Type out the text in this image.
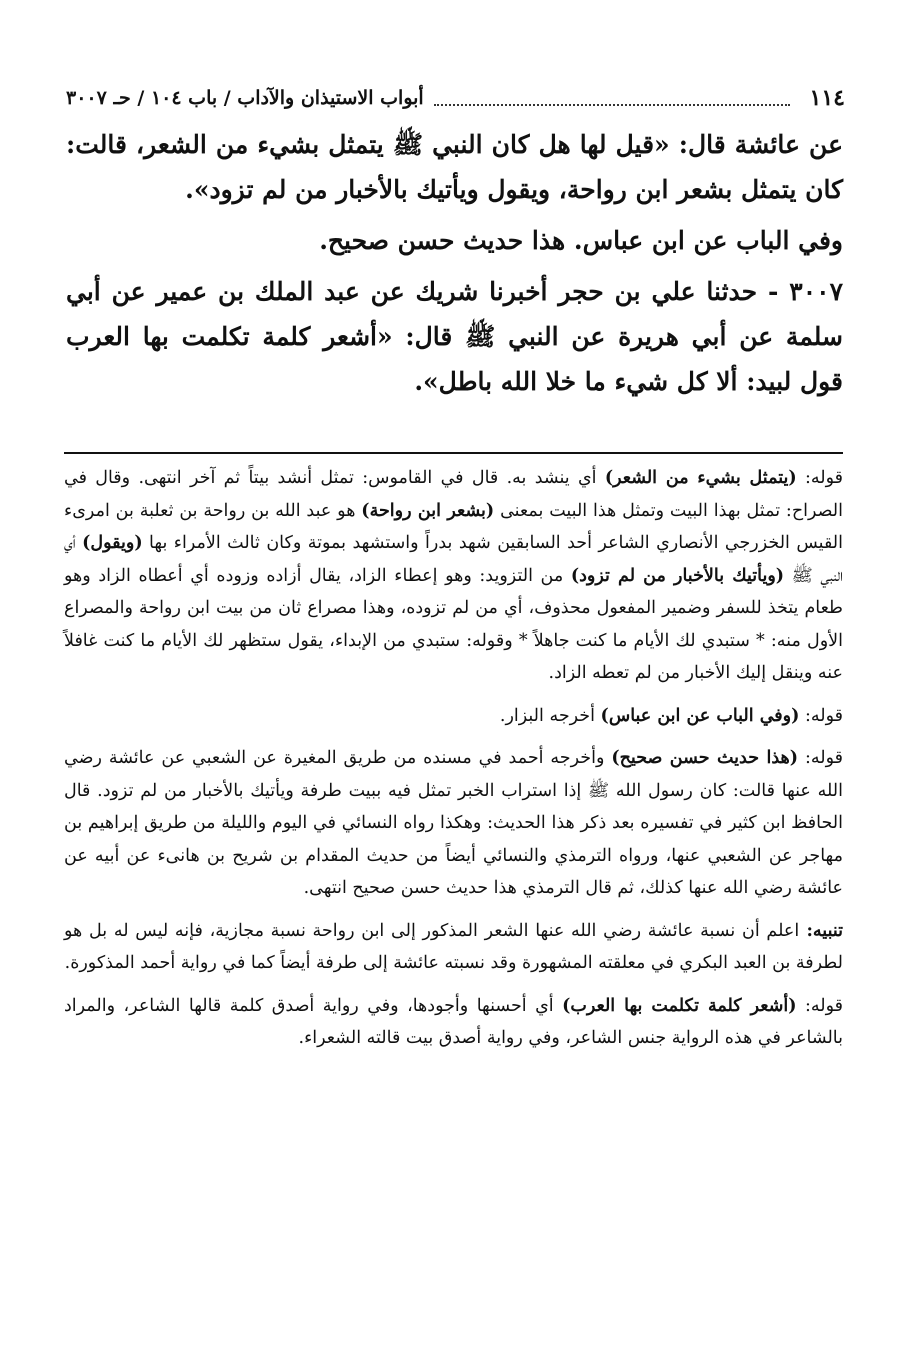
١١٤
أبواب الاستيذان والآداب / باب ١٠٤ / حـ ٣٠٠٧

عن عائشة قال: «قيل لها هل كان النبي ﷺ يتمثل بشيء من الشعر، قالت: كان يتمثل بشعر ابن رواحة، ويقول ويأتيك بالأخبار من لم تزود».

وفي الباب عن ابن عباس. هذا حديث حسن صحيح.

٣٠٠٧ - حدثنا علي بن حجر أخبرنا شريك عن عبد الملك بن عمير عن أبي سلمة عن أبي هريرة عن النبي ﷺ قال: «أشعر كلمة تكلمت بها العرب قول لبيد: ألا كل شيء ما خلا الله باطل».

قوله: (يتمثل بشيء من الشعر) أي ينشد به. قال في القاموس: تمثل أنشد بيتاً ثم آخر انتهى. وقال في الصراح: تمثل بهذا البيت وتمثل هذا البيت بمعنى (بشعر ابن رواحة) هو عبد الله بن رواحة بن ثعلبة بن امرىء القيس الخزرجي الأنصاري الشاعر أحد السابقين شهد بدراً واستشهد بموتة وكان ثالث الأمراء بها (ويقول) أي النبي ﷺ (ويأتيك بالأخبار من لم تزود) من التزويد: وهو إعطاء الزاد، يقال أزاده وزوده أي أعطاه الزاد وهو طعام يتخذ للسفر وضمير المفعول محذوف، أي من لم تزوده، وهذا مصراع ثان من بيت ابن رواحة والمصراع الأول منه: * ستبدي لك الأيام ما كنت جاهلاً * وقوله: ستبدي من الإبداء، يقول ستظهر لك الأيام ما كنت غافلاً عنه وينقل إليك الأخبار من لم تعطه الزاد.

قوله: (وفي الباب عن ابن عباس) أخرجه البزار.

قوله: (هذا حديث حسن صحيح) وأخرجه أحمد في مسنده من طريق المغيرة عن الشعبي عن عائشة رضي الله عنها قالت: كان رسول الله ﷺ إذا استراب الخبر تمثل فيه ببيت طرفة ويأتيك بالأخبار من لم تزود. قال الحافظ ابن كثير في تفسيره بعد ذكر هذا الحديث: وهكذا رواه النسائي في اليوم والليلة من طريق إبراهيم بن مهاجر عن الشعبي عنها، ورواه الترمذي والنسائي أيضاً من حديث المقدام بن شريح بن هانىء عن أبيه عن عائشة رضي الله عنها كذلك، ثم قال الترمذي هذا حديث حسن صحيح انتهى.

تنبيه: اعلم أن نسبة عائشة رضي الله عنها الشعر المذكور إلى ابن رواحة نسبة مجازية، فإنه ليس له بل هو لطرفة بن العبد البكري في معلقته المشهورة وقد نسبته عائشة إلى طرفة أيضاً كما في رواية أحمد المذكورة.

قوله: (أشعر كلمة تكلمت بها العرب) أي أحسنها وأجودها، وفي رواية أصدق كلمة قالها الشاعر، والمراد بالشاعر في هذه الرواية جنس الشاعر، وفي رواية أصدق بيت قالته الشعراء.
